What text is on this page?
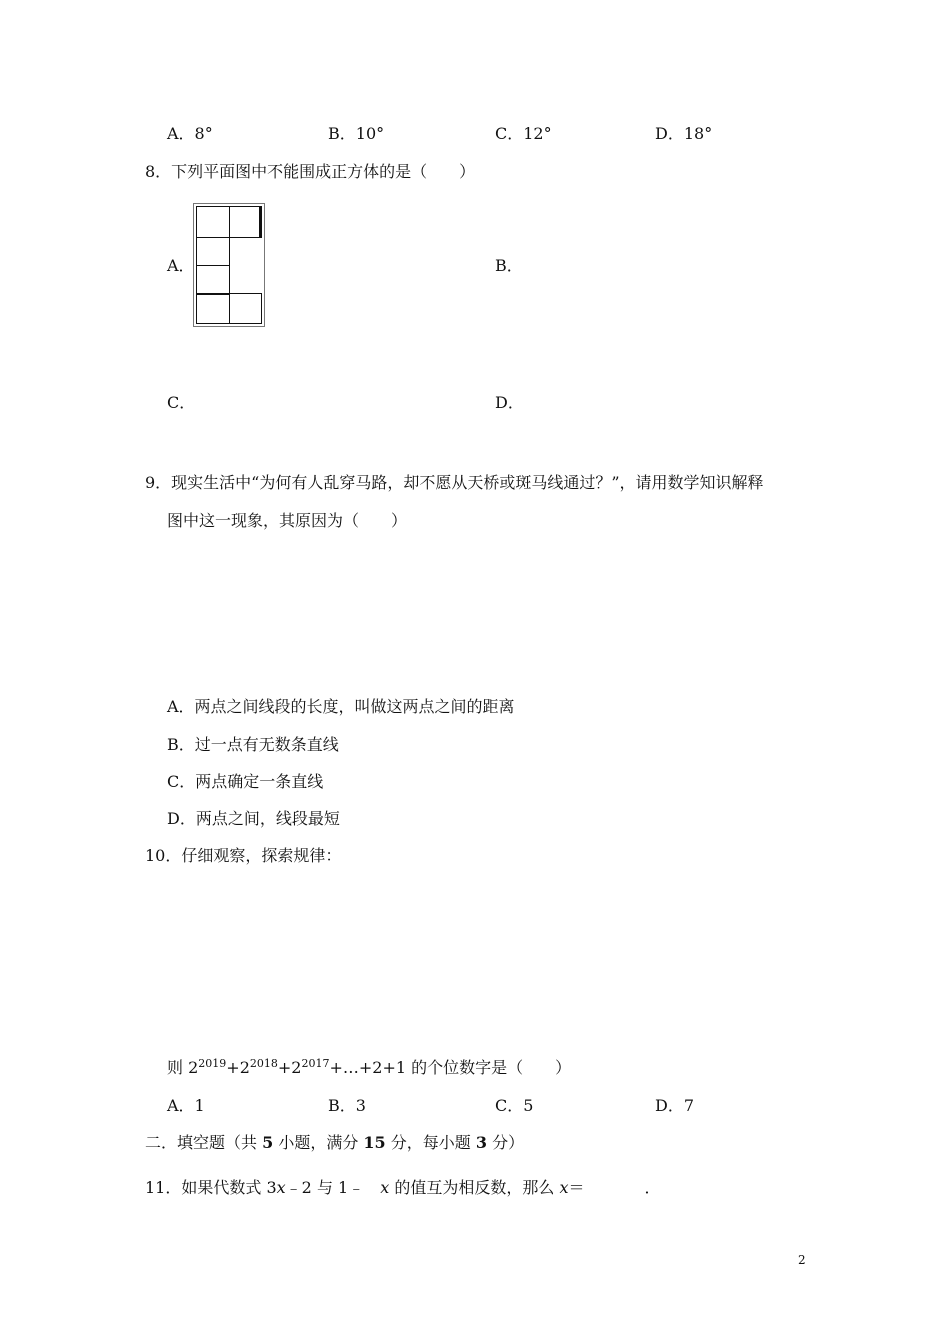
A．8°	B．10°	C．12°	D．18°
8．下列平面图中不能围成正方体的是（　　）
A．	B．
C．	D．
9．现实生活中“为何有人乱穿马路，却不愿从天桥或斑马线通过？”，请用数学知识解释
图中这一现象，其原因为（　　）
A．两点之间线段的长度，叫做这两点之间的距离
B．过一点有无数条直线
C．两点确定一条直线
D．两点之间，线段最短
10．仔细观察，探索规律：
则 $2^{2019}+2^{2018}+2^{2017}+\dots+2+1$ 的个位数字是（　　）
A．1	B．3	C．5	D．7
二．填空题（共 5 小题，满分 15 分，每小题 3 分）
11．如果代数式 3x﹣2 与 1﹣　x 的值互为相反数，那么 x＝	．
2
